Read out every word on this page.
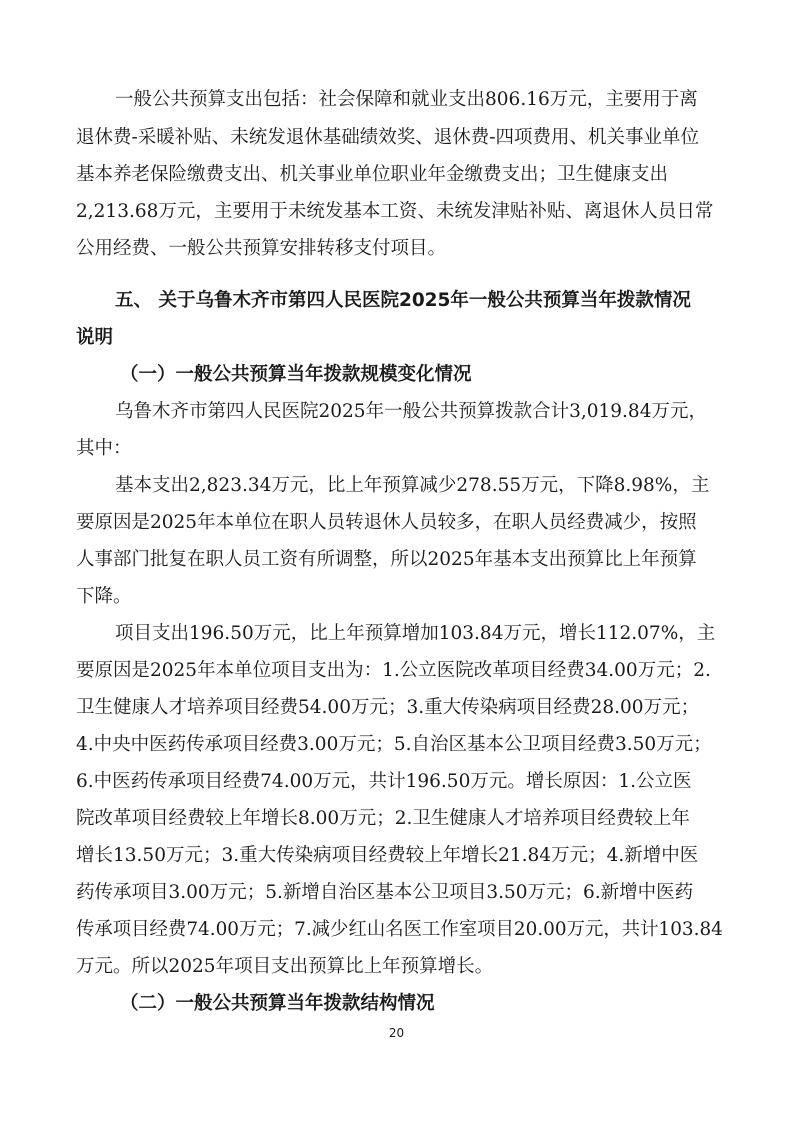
一般公共预算支出包括：社会保障和就业支出806.16万元，主要用于离
退休费-采暖补贴、未统发退休基础绩效奖、退休费-四项费用、机关事业单位
基本养老保险缴费支出、机关事业单位职业年金缴费支出；卫生健康支出
2,213.68万元，主要用于未统发基本工资、未统发津贴补贴、离退休人员日常
公用经费、一般公共预算安排转移支付项目。
五、 关于乌鲁木齐市第四人民医院2025年一般公共预算当年拨款情况
说明
（一）一般公共预算当年拨款规模变化情况
乌鲁木齐市第四人民医院2025年一般公共预算拨款合计3,019.84万元，
其中：
基本支出2,823.34万元，比上年预算减少278.55万元，下降8.98%，主
要原因是2025年本单位在职人员转退休人员较多，在职人员经费减少，按照
人事部门批复在职人员工资有所调整，所以2025年基本支出预算比上年预算
下降。
项目支出196.50万元，比上年预算增加103.84万元，增长112.07%，主
要原因是2025年本单位项目支出为：1.公立医院改革项目经费34.00万元；2.
卫生健康人才培养项目经费54.00万元；3.重大传染病项目经费28.00万元；
4.中央中医药传承项目经费3.00万元；5.自治区基本公卫项目经费3.50万元；
6.中医药传承项目经费74.00万元，共计196.50万元。增长原因：1.公立医
院改革项目经费较上年增长8.00万元；2.卫生健康人才培养项目经费较上年
增长13.50万元；3.重大传染病项目经费较上年增长21.84万元；4.新增中医
药传承项目3.00万元；5.新增自治区基本公卫项目3.50万元；6.新增中医药
传承项目经费74.00万元；7.减少红山名医工作室项目20.00万元，共计103.84
万元。所以2025年项目支出预算比上年预算增长。
（二）一般公共预算当年拨款结构情况
20
